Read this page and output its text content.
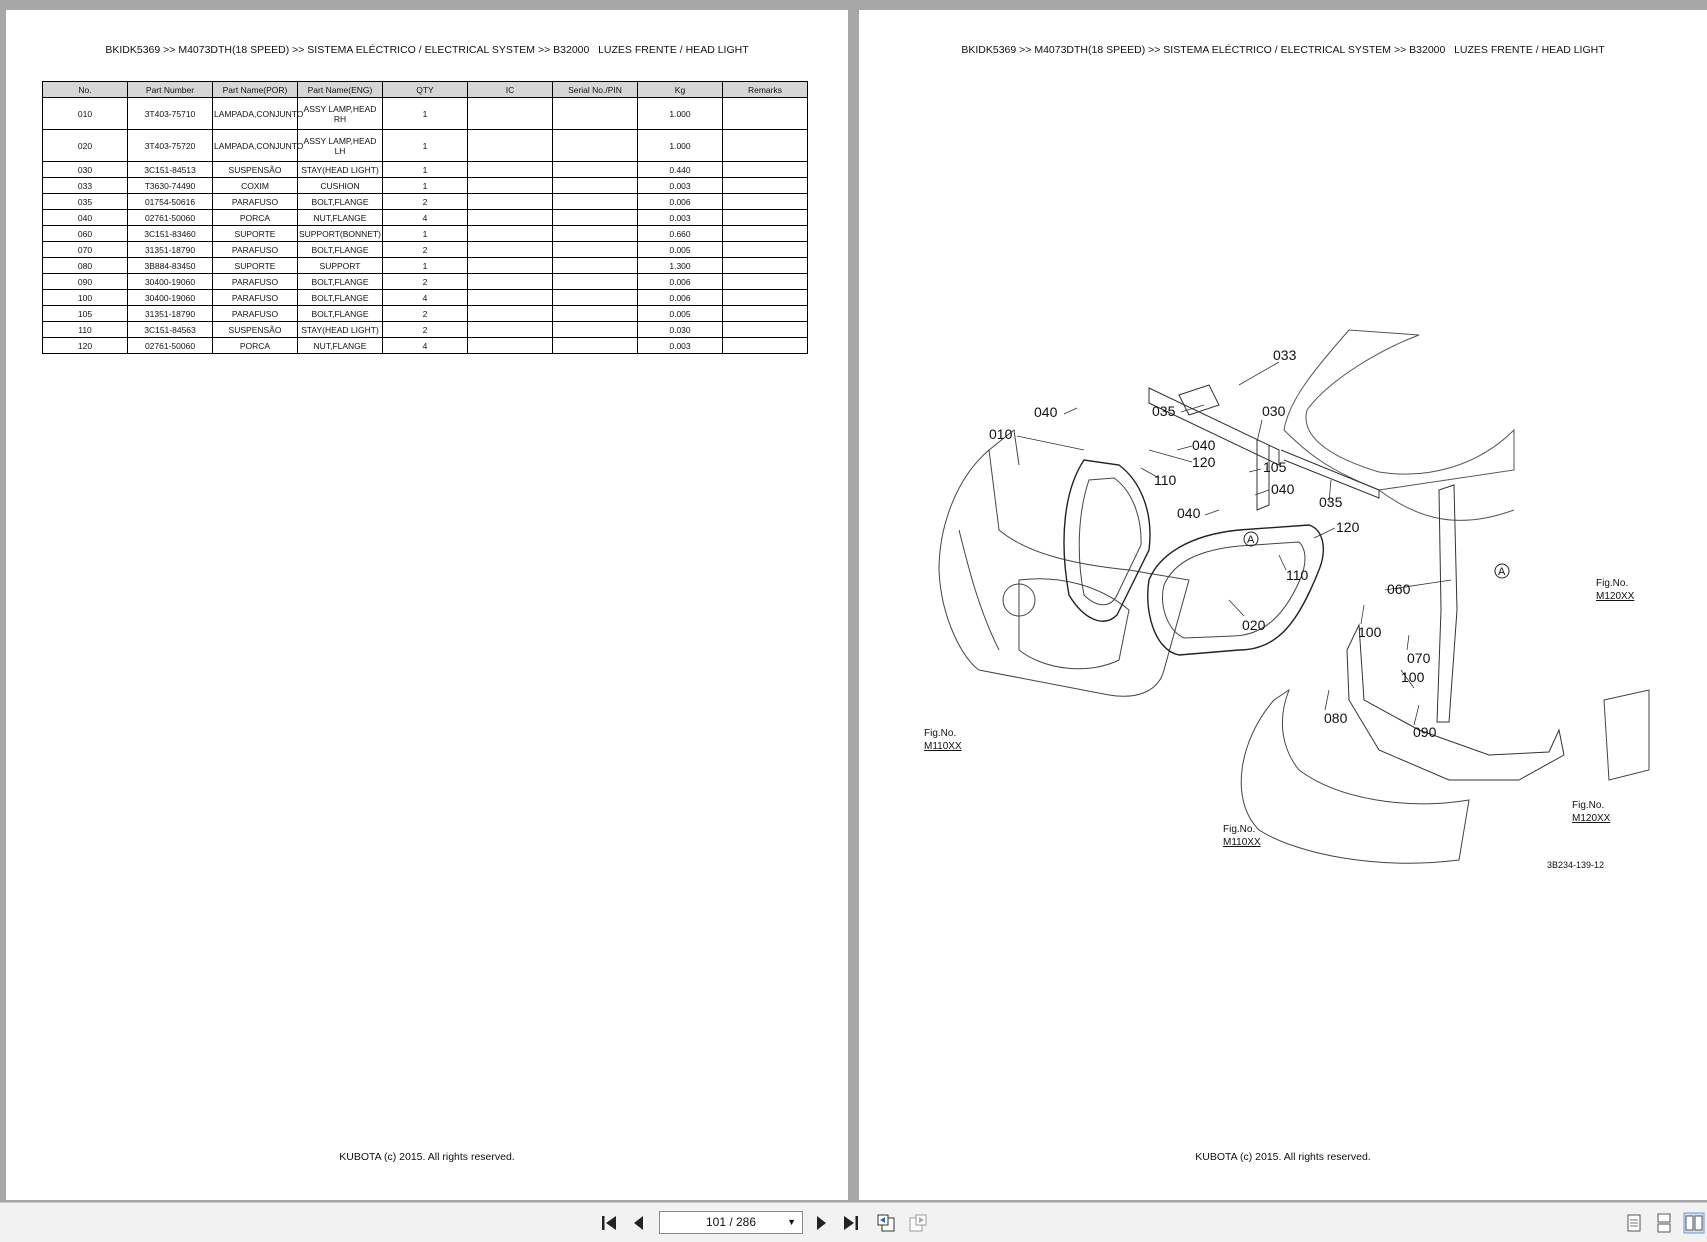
BKIDK5369 >> M4073DTH(18 SPEED) >> SISTEMA ELÉCTRICO / ELECTRICAL SYSTEM >> B32000   LUZES FRENTE / HEAD LIGHT
No.	Part Number	Part Name(POR)	Part Name(ENG)	QTY	IC	Serial No./PIN	Kg	Remarks
010	3T403-75710	LAMPADA,CONJUNTO	ASSY LAMP,HEAD RH	1			1.000	
020	3T403-75720	LAMPADA,CONJUNTO	ASSY LAMP,HEAD LH	1			1.000	
030	3C151-84513	SUSPENSÃO	STAY(HEAD LIGHT)	1			0.440	
033	T3630-74490	COXIM	CUSHION	1			0.003	
035	01754-50616	PARAFUSO	BOLT,FLANGE	2			0.006	
040	02761-50060	PORCA	NUT,FLANGE	4			0.003	
060	3C151-83460	SUPORTE	SUPPORT(BONNET)	1			0.660	
070	31351-18790	PARAFUSO	BOLT,FLANGE	2			0.005	
080	3B884-83450	SUPORTE	SUPPORT	1			1.300	
090	30400-19060	PARAFUSO	BOLT,FLANGE	2			0.006	
100	30400-19060	PARAFUSO	BOLT,FLANGE	4			0.006	
105	31351-18790	PARAFUSO	BOLT,FLANGE	2			0.005	
110	3C151-84563	SUSPENSÃO	STAY(HEAD LIGHT)	2			0.030	
120	02761-50060	PORCA	NUT,FLANGE	4			0.003	
KUBOTA (c) 2015. All rights reserved.
BKIDK5369 >> M4073DTH(18 SPEED) >> SISTEMA ELÉCTRICO / ELECTRICAL SYSTEM >> B32000   LUZES FRENTE / HEAD LIGHT
033
035	030
040
010
120
110
040
105
040
035
040
120
110
060
020	100
070
100
090
080
Fig.No.
M110XX
Fig.No.
M120XX
Fig.No.
M110XX
Fig.No.
M120XX
A
A
3B234-139-12
KUBOTA (c) 2015. All rights reserved.
101 / 286	▼
